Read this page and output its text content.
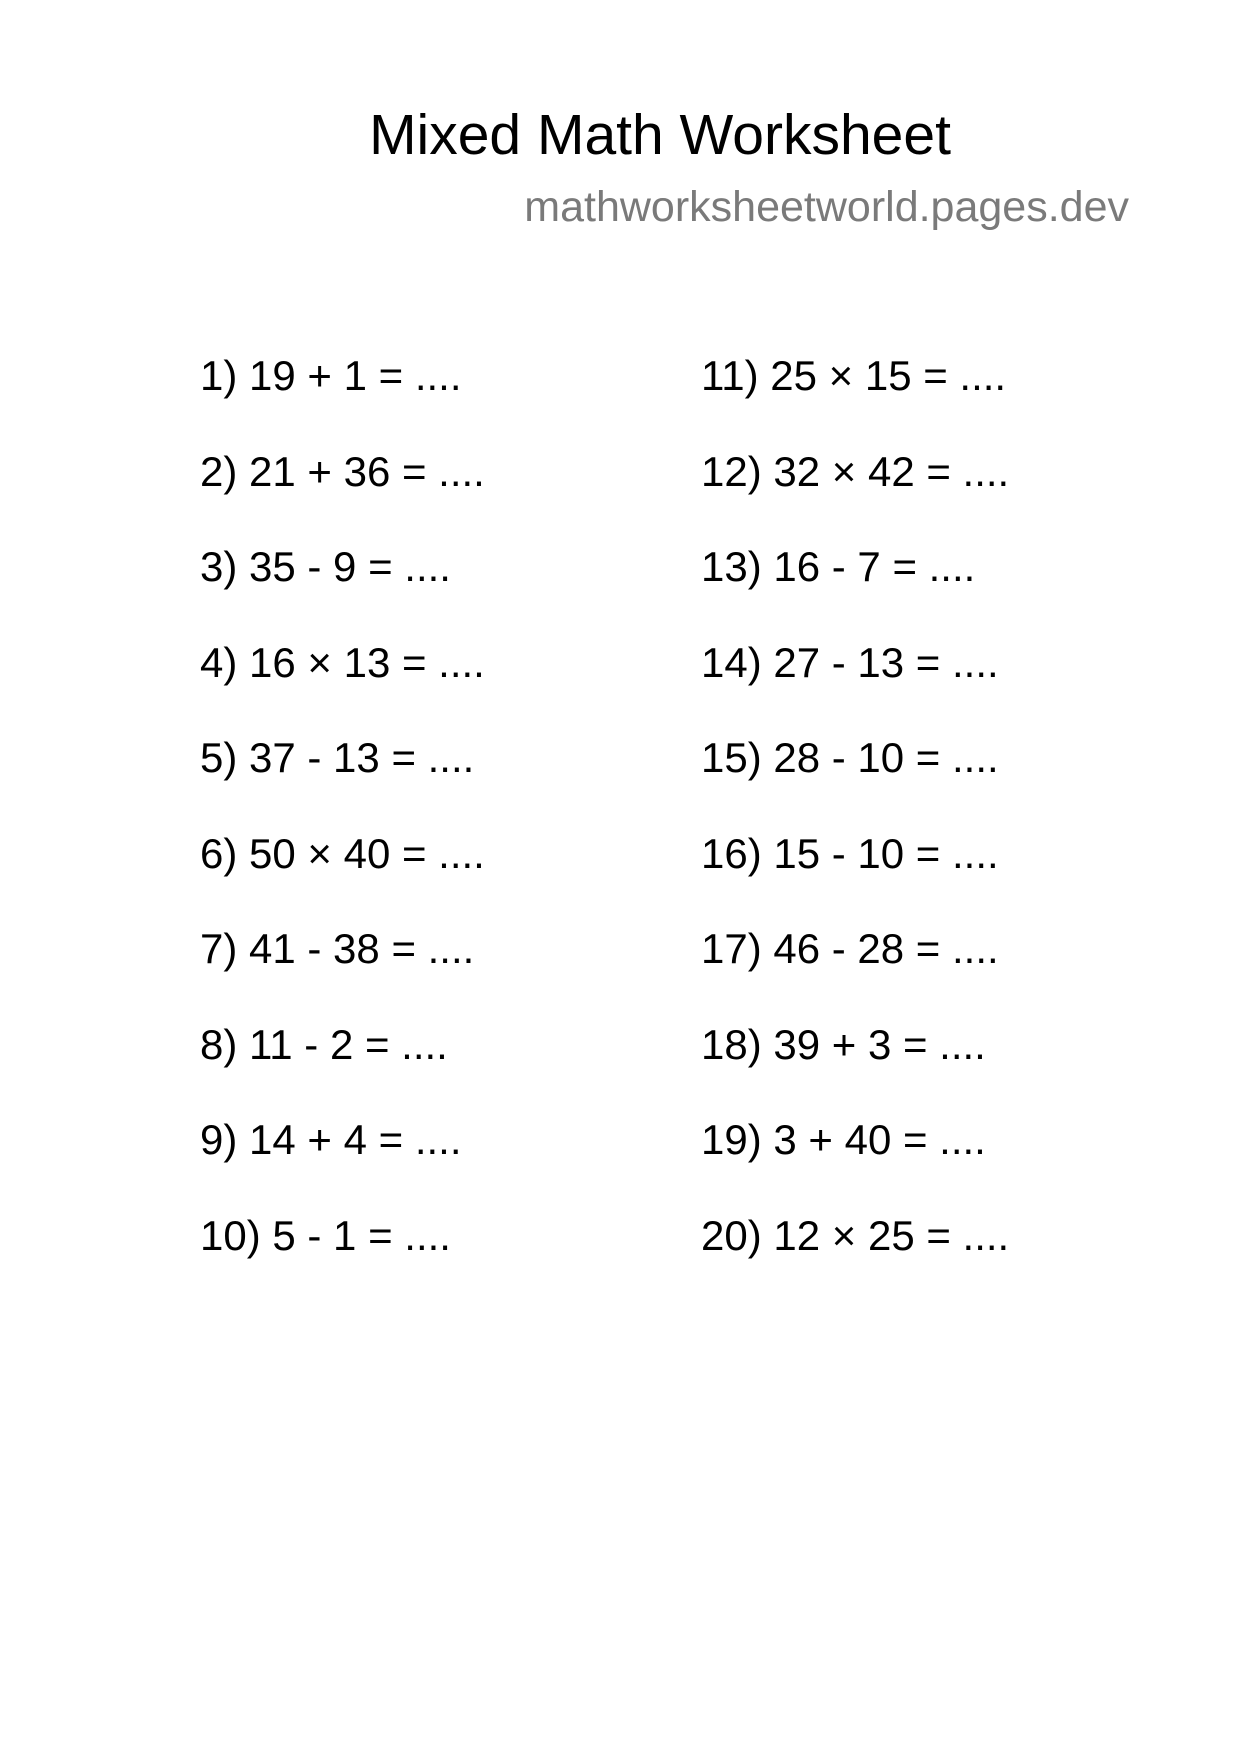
Mixed Math Worksheet
mathworksheetworld.pages.dev
1) 19 + 1 = ....
2) 21 + 36 = ....
3) 35 - 9 = ....
4) 16 × 13 = ....
5) 37 - 13 = ....
6) 50 × 40 = ....
7) 41 - 38 = ....
8) 11 - 2 = ....
9) 14 + 4 = ....
10) 5 - 1 = ....
11) 25 × 15 = ....
12) 32 × 42 = ....
13) 16 - 7 = ....
14) 27 - 13 = ....
15) 28 - 10 = ....
16) 15 - 10 = ....
17) 46 - 28 = ....
18) 39 + 3 = ....
19) 3 + 40 = ....
20) 12 × 25 = ....
